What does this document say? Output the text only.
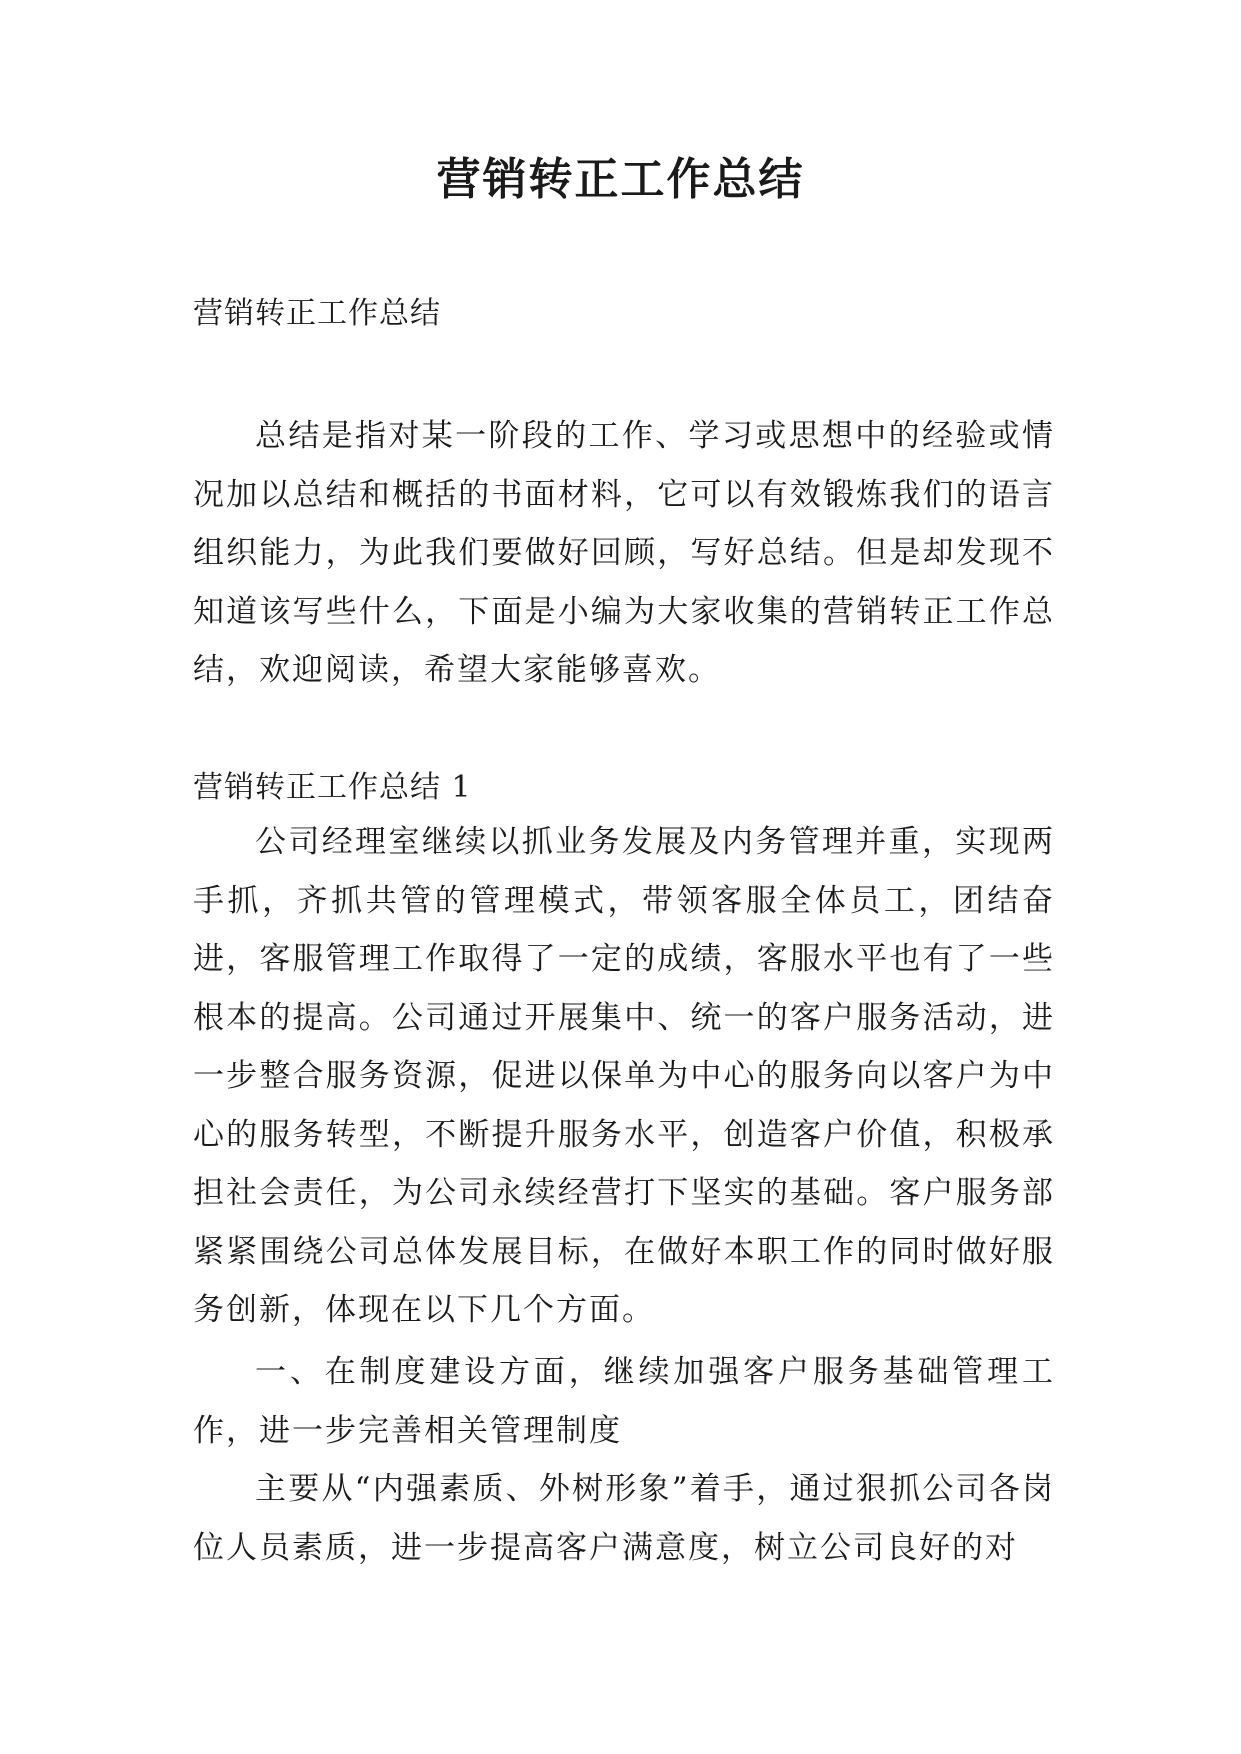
营销转正工作总结
营销转正工作总结
总结是指对某一阶段的工作、学习或思想中的经验或情况加以总结和概括的书面材料，它可以有效锻炼我们的语言组织能力，为此我们要做好回顾，写好总结。但是却发现不知道该写些什么，下面是小编为大家收集的营销转正工作总结，欢迎阅读，希望大家能够喜欢。
营销转正工作总结 1
公司经理室继续以抓业务发展及内务管理并重，实现两手抓，齐抓共管的管理模式，带领客服全体员工，团结奋进，客服管理工作取得了一定的成绩，客服水平也有了一些根本的提高。公司通过开展集中、统一的客户服务活动，进一步整合服务资源，促进以保单为中心的服务向以客户为中心的服务转型，不断提升服务水平，创造客户价值，积极承担社会责任，为公司永续经营打下坚实的基础。客户服务部紧紧围绕公司总体发展目标，在做好本职工作的同时做好服务创新，体现在以下几个方面。
一、在制度建设方面，继续加强客户服务基础管理工作，进一步完善相关管理制度
主要从“内强素质、外树形象”着手，通过狠抓公司各岗位人员素质，进一步提高客户满意度，树立公司良好的对
